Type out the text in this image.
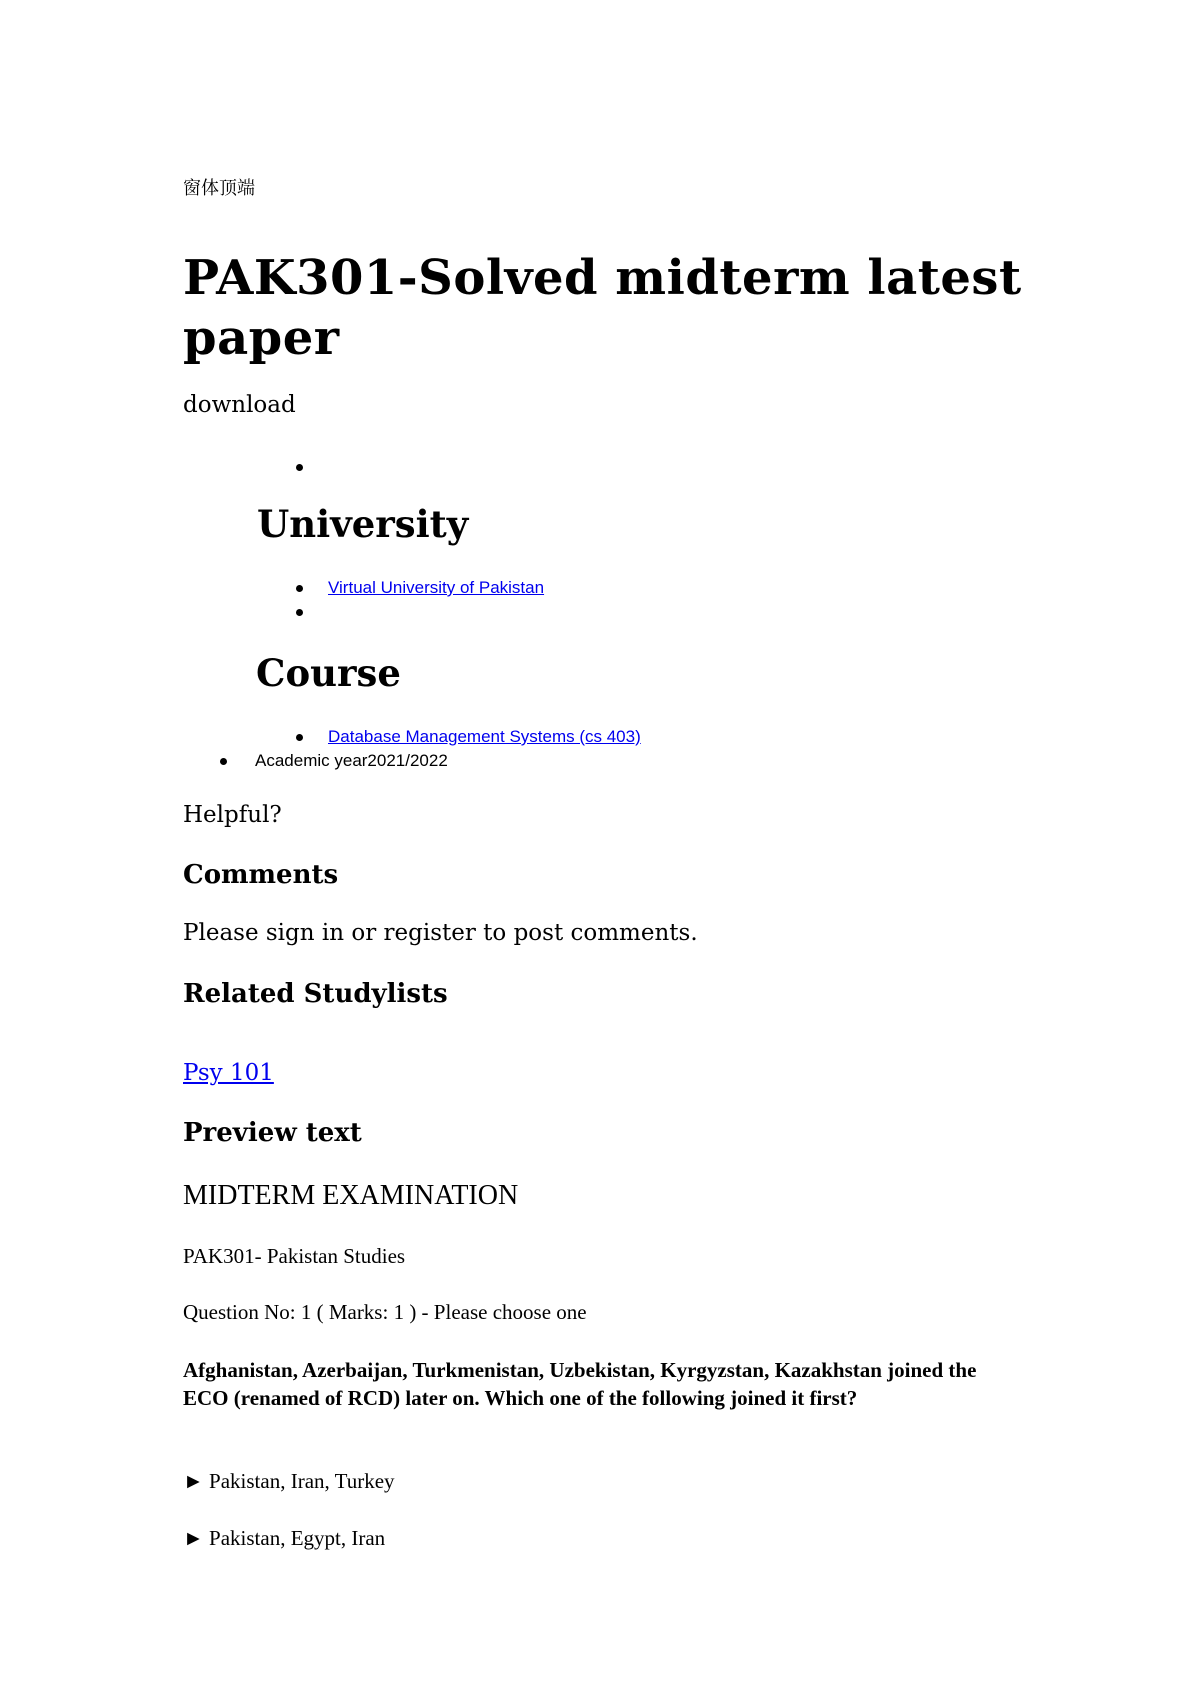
窗体顶端
PAK301-Solved midterm latest paper
download
University
Virtual University of Pakistan
Course
Database Management Systems (cs 403)
Academic year2021/2022
Helpful?
Comments
Please sign in or register to post comments.
Related Studylists
Psy 101
Preview text
MIDTERM EXAMINATION
PAK301- Pakistan Studies
Question No: 1 ( Marks: 1 ) - Please choose one
Afghanistan, Azerbaijan, Turkmenistan, Uzbekistan, Kyrgyzstan, Kazakhstan joined the ECO (renamed of RCD) later on. Which one of the following joined it first?
► Pakistan, Iran, Turkey
► Pakistan, Egypt, Iran
